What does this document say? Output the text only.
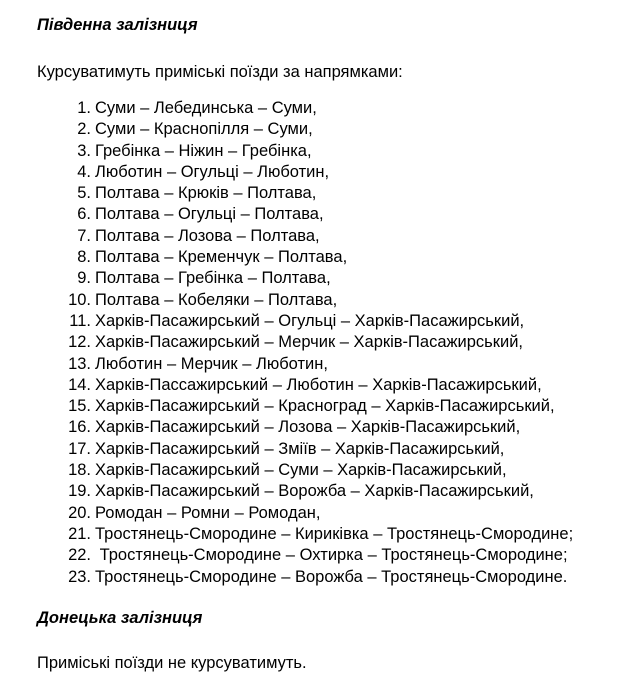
Південна залізниця
Курсуватимуть приміські поїзди за напрямками:
1. Суми – Лебединська – Суми,
2. Суми – Краснопілля – Суми,
3. Гребінка – Ніжин – Гребінка,
4. Люботин – Огульці – Люботин,
5. Полтава – Крюків – Полтава,
6. Полтава – Огульці – Полтава,
7. Полтава – Лозова – Полтава,
8. Полтава – Кременчук – Полтава,
9. Полтава – Гребінка – Полтава,
10. Полтава – Кобеляки – Полтава,
11. Харків-Пасажирський – Огульці – Харків-Пасажирський,
12. Харків-Пасажирський – Мерчик – Харків-Пасажирський,
13. Люботин – Мерчик – Люботин,
14. Харків-Пассажирський – Люботин – Харків-Пасажирський,
15. Харків-Пасажирський – Красноград – Харків-Пасажирський,
16. Харків-Пасажирський – Лозова – Харків-Пасажирський,
17. Харків-Пасажирський – Зміїв – Харків-Пасажирський,
18. Харків-Пасажирський – Суми – Харків-Пасажирський,
19. Харків-Пасажирський – Ворожба – Харків-Пасажирський,
20. Ромодан – Ромни – Ромодан,
21. Тростянець-Смородине – Кириківка – Тростянець-Смородине;
22. Тростянець-Смородине – Охтирка – Тростянець-Смородине;
23. Тростянець-Смородине – Ворожба – Тростянець-Смородине.
Донецька залізниця
Приміські поїзди не курсуватимуть.
